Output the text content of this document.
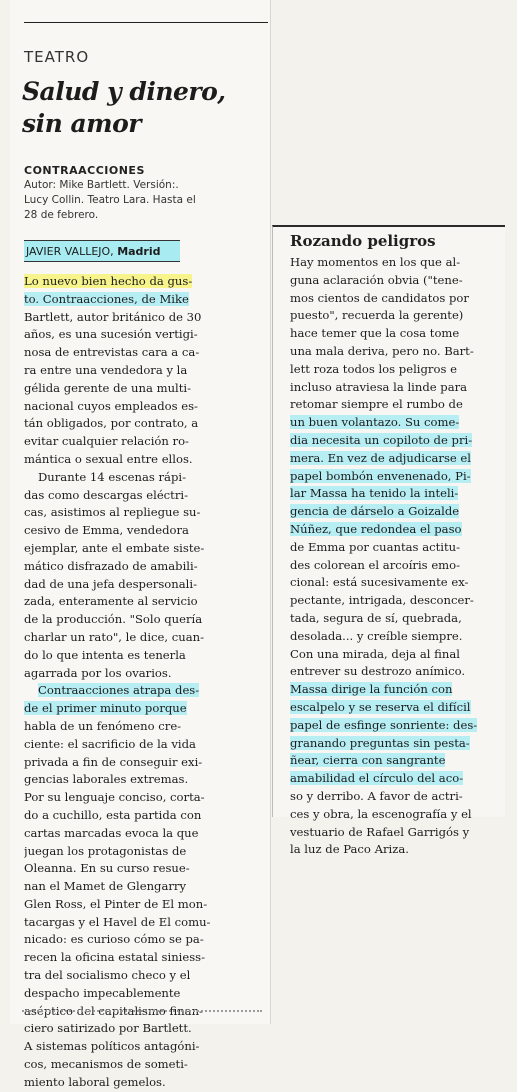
TEATRO
Salud y dinero,
sin amor
CONTRAACCIONES
Autor: Mike Bartlett. Versión:.
Lucy Collin. Teatro Lara. Hasta el
28 de febrero.
JAVIER VALLEJO, Madrid
Lo nuevo bien hecho da gus-
to. Contraacciones, de Mike
Bartlett, autor británico de 30
años, es una sucesión vertigi-
nosa de entrevistas cara a ca-
ra entre una vendedora y la
gélida gerente de una multi-
nacional cuyos empleados es-
tán obligados, por contrato, a
evitar cualquier relación ro-
mántica o sexual entre ellos.
Durante 14 escenas rápi-
das como descargas eléctri-
cas, asistimos al repliegue su-
cesivo de Emma, vendedora
ejemplar, ante el embate siste-
mático disfrazado de amabili-
dad de una jefa despersonali-
zada, enteramente al servicio
de la producción. "Solo quería
charlar un rato", le dice, cuan-
do lo que intenta es tenerla
agarrada por los ovarios.
Contraacciones atrapa des-
de el primer minuto porque
habla de un fenómeno cre-
ciente: el sacrificio de la vida
privada a fin de conseguir exi-
gencias laborales extremas.
Por su lenguaje conciso, corta-
do a cuchillo, esta partida con
cartas marcadas evoca la que
juegan los protagonistas de
Oleanna. En su curso resue-
nan el Mamet de Glengarry
Glen Ross, el Pinter de El mon-
tacargas y el Havel de El comu-
nicado: es curioso cómo se pa-
recen la oficina estatal siniess-
tra del socialismo checo y el
despacho impecablemente
aséptico del capitalismo finan-
ciero satirizado por Bartlett.
A sistemas políticos antagóni-
cos, mecanismos de someti-
miento laboral gemelos.
Rozando peligros
Hay momentos en los que al-
guna aclaración obvia ("tene-
mos cientos de candidatos por
puesto", recuerda la gerente)
hace temer que la cosa tome
una mala deriva, pero no. Bart-
lett roza todos los peligros e
incluso atraviesa la linde para
retomar siempre el rumbo de
un buen volantazo. Su come-
dia necesita un copiloto de pri-
mera. En vez de adjudicarse el
papel bombón envenenado, Pi-
lar Massa ha tenido la inteli-
gencia de dárselo a Goizalde
Núñez, que redondea el paso
de Emma por cuantas actitu-
des colorean el arcoíris emo-
cional: está sucesivamente ex-
pectante, intrigada, desconcer-
tada, segura de sí, quebrada,
desolada... y creíble siempre.
Con una mirada, deja al final
entrever su destrozo anímico.
Massa dirige la función con
escalpelo y se reserva el difícil
papel de esfinge sonriente: des-
granando preguntas sin pesta-
ñear, cierra con sangrante
amabilidad el círculo del aco-
so y derribo. A favor de actri-
ces y obra, la escenografía y el
vestuario de Rafael Garrigós y
la luz de Paco Ariza.
